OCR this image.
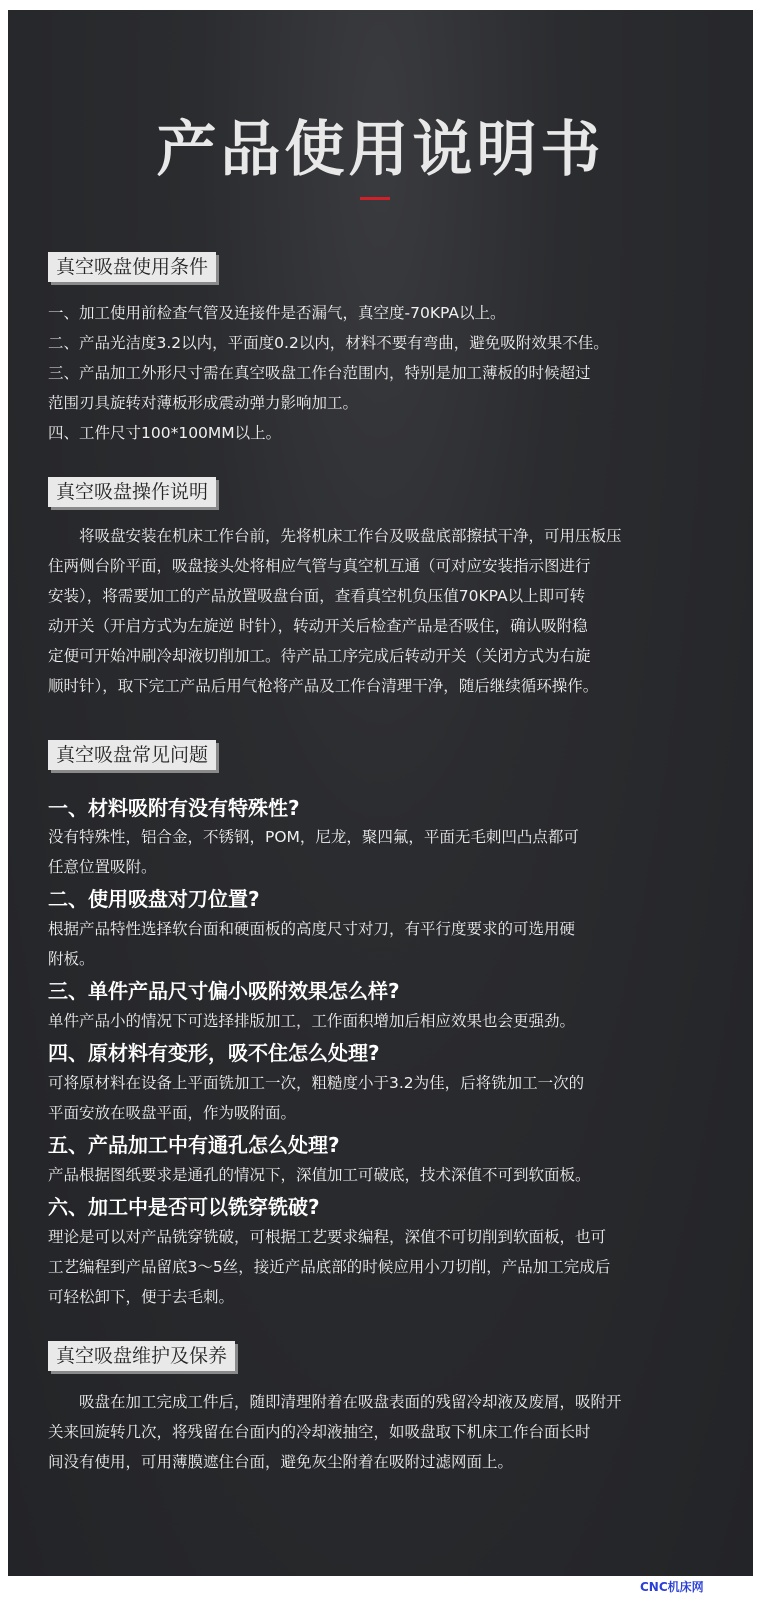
产品使用说明书
真空吸盘使用条件
一、加工使用前检查气管及连接件是否漏气，真空度-70KPA以上。
二、产品光洁度3.2以内，平面度0.2以内，材料不要有弯曲，避免吸附效果不佳。
三、产品加工外形尺寸需在真空吸盘工作台范围内，特别是加工薄板的时候超过
范围刃具旋转对薄板形成震动弹力影响加工。
四、工件尺寸100*100MM以上。
真空吸盘操作说明
　　将吸盘安装在机床工作台前，先将机床工作台及吸盘底部擦拭干净，可用压板压
住两侧台阶平面，吸盘接头处将相应气管与真空机互通（可对应安装指示图进行
安装），将需要加工的产品放置吸盘台面，查看真空机负压值70KPA以上即可转
动开关（开启方式为左旋逆 时针），转动开关后检查产品是否吸住，确认吸附稳
定便可开始冲刷冷却液切削加工。待产品工序完成后转动开关（关闭方式为右旋
顺时针），取下完工产品后用气枪将产品及工作台清理干净，随后继续循环操作。
真空吸盘常见问题
一、材料吸附有没有特殊性?
没有特殊性，铝合金，不锈钢，POM，尼龙，聚四氟，平面无毛刺凹凸点都可
任意位置吸附。
二、使用吸盘对刀位置?
根据产品特性选择软台面和硬面板的高度尺寸对刀，有平行度要求的可选用硬
附板。
三、单件产品尺寸偏小吸附效果怎么样?
单件产品小的情况下可选择排版加工，工作面积增加后相应效果也会更强劲。
四、原材料有变形，吸不住怎么处理?
可将原材料在设备上平面铣加工一次，粗糙度小于3.2为佳，后将铣加工一次的
平面安放在吸盘平面，作为吸附面。
五、产品加工中有通孔怎么处理?
产品根据图纸要求是通孔的情况下，深值加工可破底，技术深值不可到软面板。
六、加工中是否可以铣穿铣破?
理论是可以对产品铣穿铣破，可根据工艺要求编程，深值不可切削到软面板，也可
工艺编程到产品留底3～5丝，接近产品底部的时候应用小刀切削，产品加工完成后
可轻松卸下，便于去毛刺。
真空吸盘维护及保养
　　吸盘在加工完成工件后，随即清理附着在吸盘表面的残留冷却液及废屑，吸附开
关来回旋转几次，将残留在台面内的冷却液抽空，如吸盘取下机床工作台面长时
间没有使用，可用薄膜遮住台面，避免灰尘附着在吸附过滤网面上。
CNC机床网
